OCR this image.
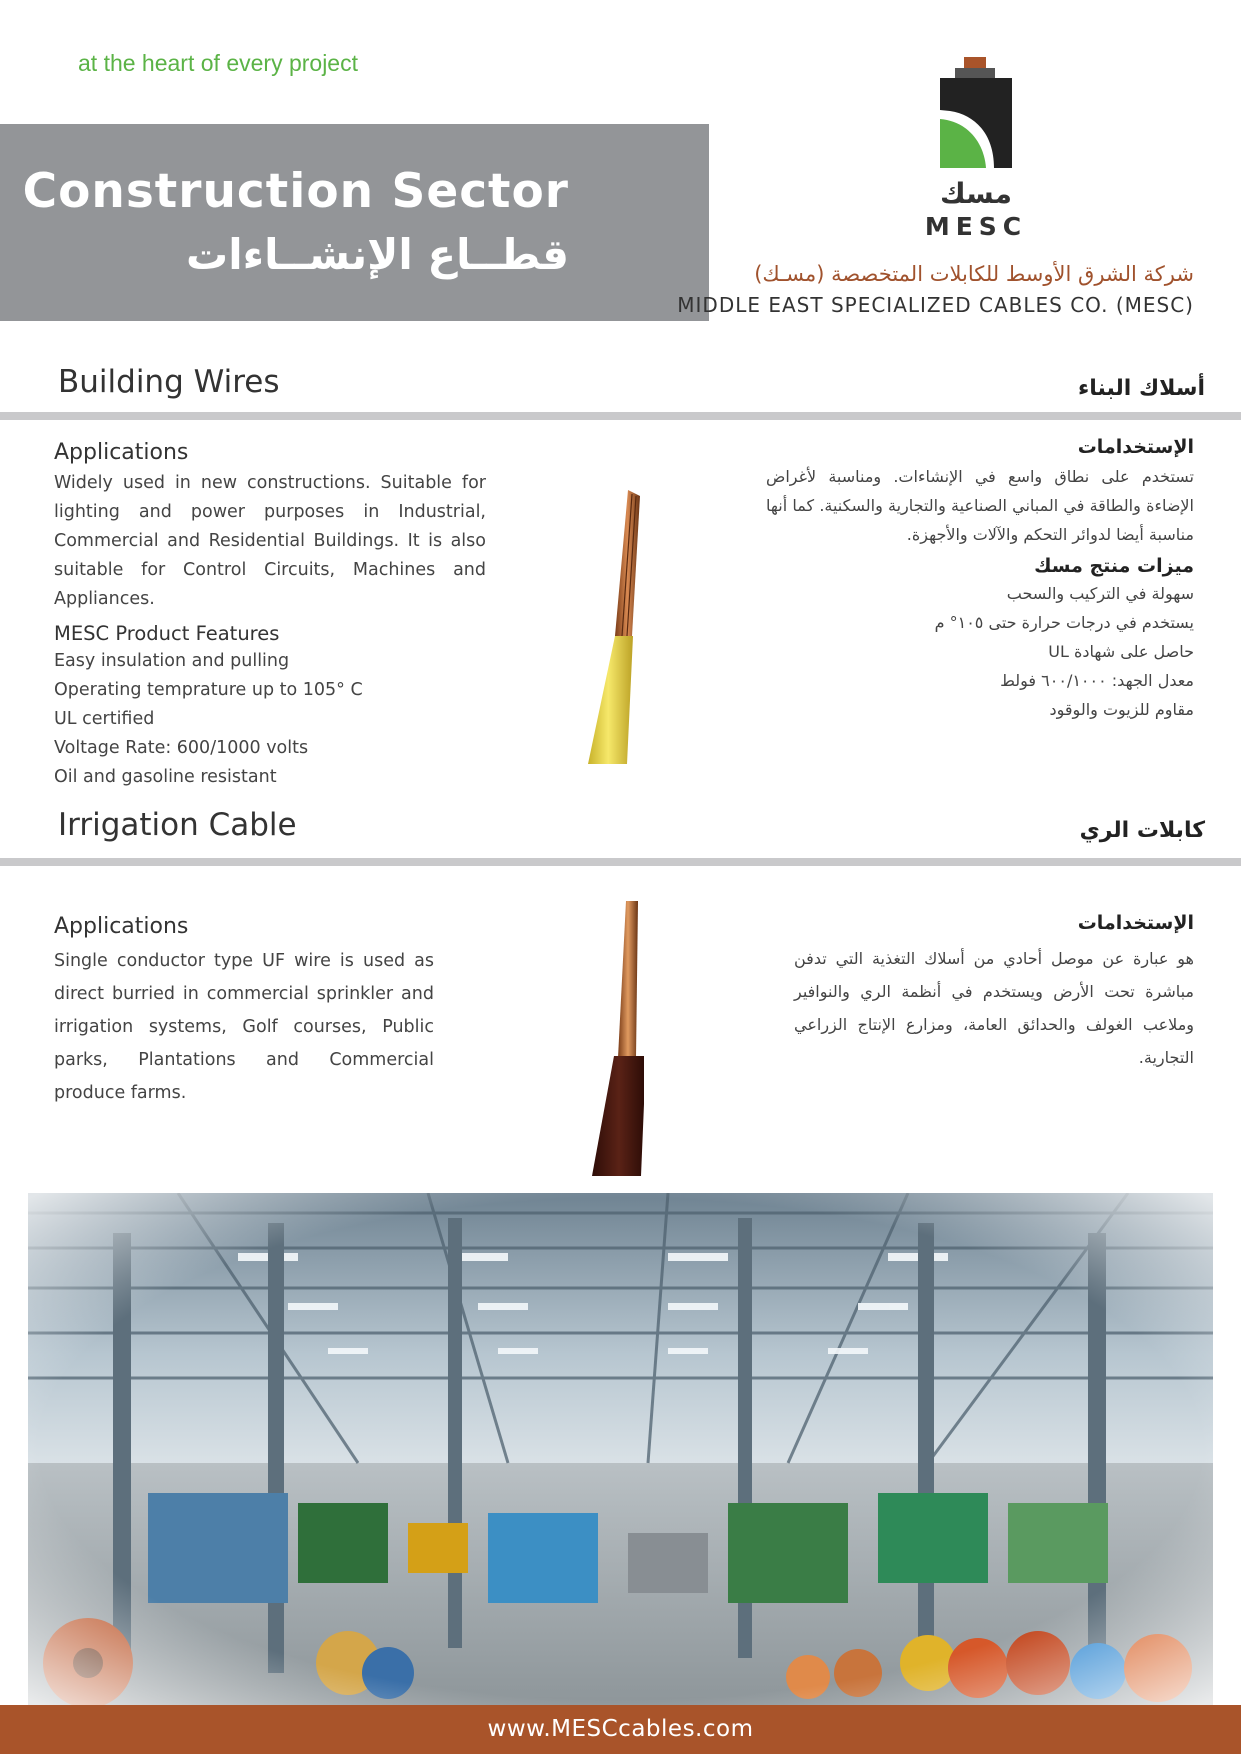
at the heart of every project
Construction Sector
قطــاع الإنشــاءات
مسك
MESC
شركة الشرق الأوسط للكابلات المتخصصة (مسـك)
MIDDLE EAST SPECIALIZED CABLES CO. (MESC)
Building Wires	أسلاك البناء
Applications
Widely used in new constructions. Suitable for lighting and power purposes in Industrial, Commercial and Residential Buildings. It is also suitable for Control Circuits, Machines and Appliances.
MESC Product Features
Easy insulation and pulling
Operating temprature up to 105° C
UL certified
Voltage Rate: 600/1000 volts
Oil and gasoline resistant
الإستخدامات
تستخدم على نطاق واسع في الإنشاءات. ومناسبة لأغراض الإضاءة والطاقة في المباني الصناعية والتجارية والسكنية. كما أنها مناسبة أيضا لدوائر التحكم والآلات والأجهزة.
ميزات منتج مسك
سهولة في التركيب والسحب
يستخدم في درجات حرارة حتى ١٠٥° م
حاصل على شهادة UL
معدل الجهد: ٦٠٠/١٠٠٠ فولط
مقاوم للزيوت والوقود
Irrigation Cable	كابلات الري
Applications
Single conductor type UF wire is used as direct burried in commercial sprinkler and irrigation systems, Golf courses, Public parks, Plantations and Commercial produce farms.
الإستخدامات
هو عبارة عن موصل أحادي من أسلاك التغذية التي تدفن مباشرة تحت الأرض ويستخدم في أنظمة الري والنوافير وملاعب الغولف والحدائق العامة، ومزارع الإنتاج الزراعي التجارية.
www.MESCcables.com
